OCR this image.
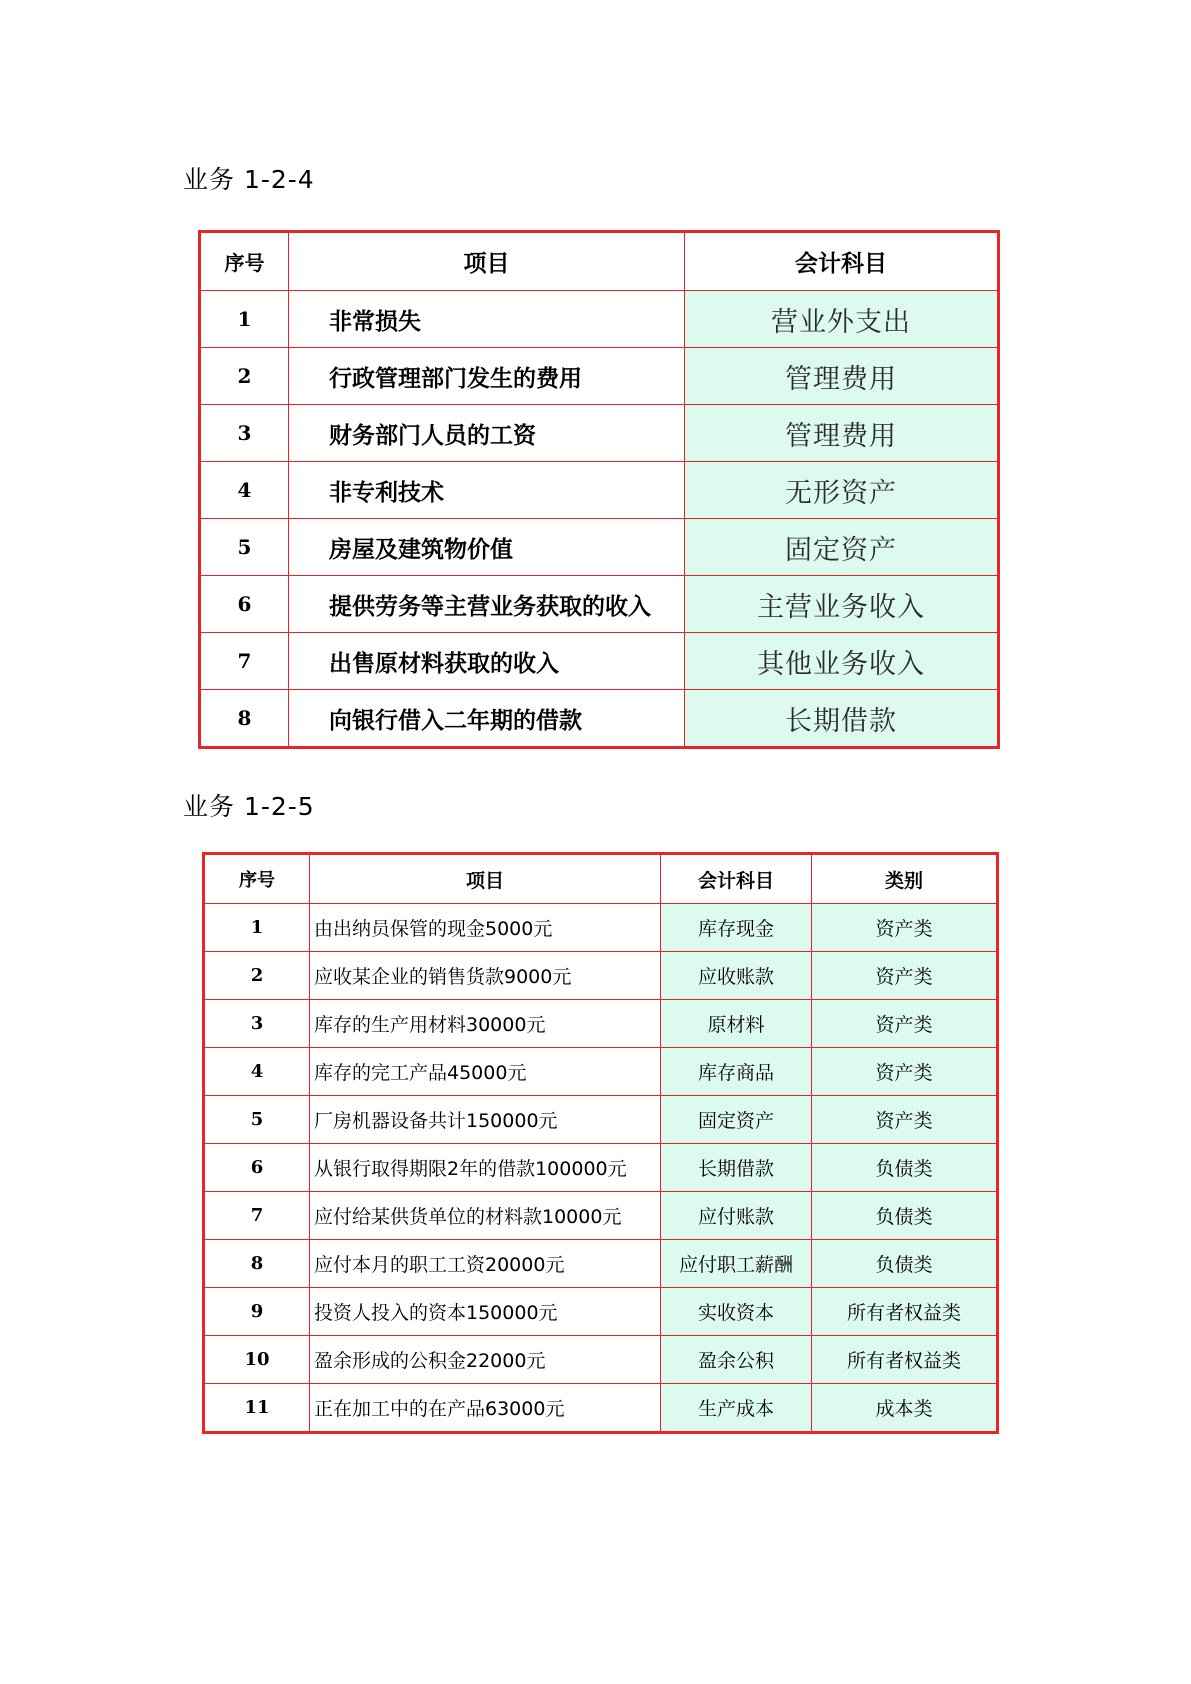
业务 1-2-4
序号	项目	会计科目
1	非常损失	营业外支出
2	行政管理部门发生的费用	管理费用
3	财务部门人员的工资	管理费用
4	非专利技术	无形资产
5	房屋及建筑物价值	固定资产
6	提供劳务等主营业务获取的收入	主营业务收入
7	出售原材料获取的收入	其他业务收入
8	向银行借入二年期的借款	长期借款
业务 1-2-5
序号	项目	会计科目	类别
1	由出纳员保管的现金5000元	库存现金	资产类
2	应收某企业的销售货款9000元	应收账款	资产类
3	库存的生产用材料30000元	原材料	资产类
4	库存的完工产品45000元	库存商品	资产类
5	厂房机器设备共计150000元	固定资产	资产类
6	从银行取得期限2年的借款100000元	长期借款	负债类
7	应付给某供货单位的材料款10000元	应付账款	负债类
8	应付本月的职工工资20000元	应付职工薪酬	负债类
9	投资人投入的资本150000元	实收资本	所有者权益类
10	盈余形成的公积金22000元	盈余公积	所有者权益类
11	正在加工中的在产品63000元	生产成本	成本类
